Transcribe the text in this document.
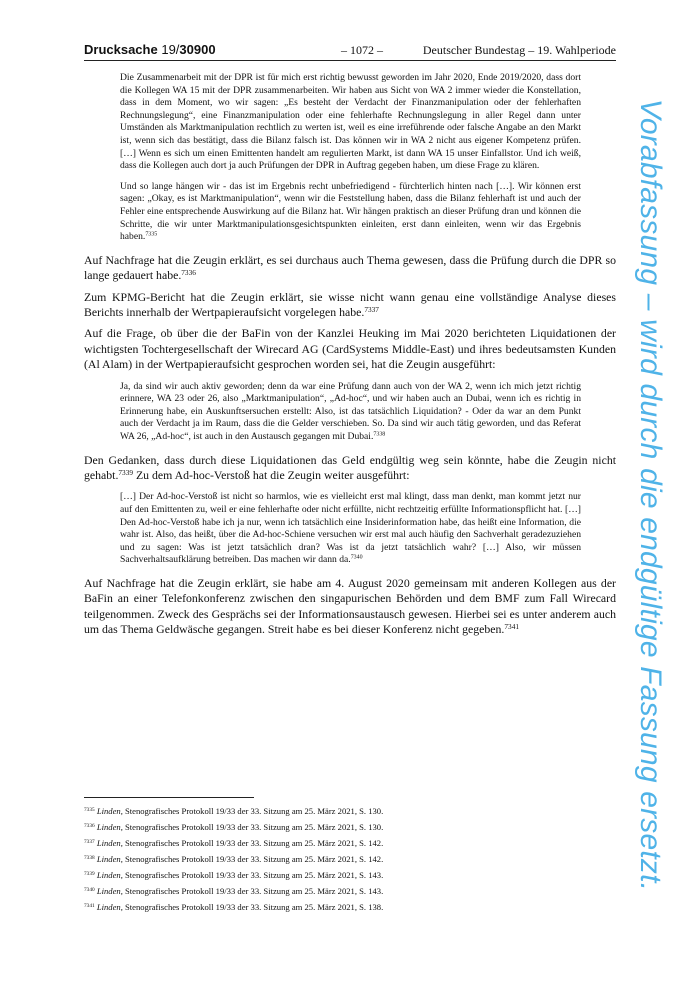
Drucksache 19/30900	– 1072 –	Deutscher Bundestag – 19. Wahlperiode

Die Zusammenarbeit mit der DPR ist für mich erst richtig bewusst geworden im Jahr 2020, Ende 2019/2020, dass dort die Kollegen WA 15 mit der DPR zusammenarbeiten. Wir haben aus Sicht von WA 2 immer wieder die Konstellation, dass in dem Moment, wo wir sagen: „Es besteht der Verdacht der Finanzmanipulation oder der fehlerhaften Rechnungslegung“, eine Finanzmanipulation oder eine fehlerhafte Rechnungslegung in aller Regel dann unter Umständen als Marktmanipulation rechtlich zu werten ist, weil es eine irreführende oder falsche Angabe an den Markt ist, wenn sich das bestätigt, dass die Bilanz falsch ist. Das können wir in WA 2 nicht aus eigener Kompetenz prüfen. […] Wenn es sich um einen Emittenten handelt am regulierten Markt, ist dann WA 15 unser Einfallstor. Und ich weiß, dass die Kollegen auch dort ja auch Prüfungen der DPR in Auftrag gegeben haben, um diese Frage zu klären.

Und so lange hängen wir - das ist im Ergebnis recht unbefriedigend - fürchterlich hinten nach […]. Wir können erst sagen: „Okay, es ist Marktmanipulation“, wenn wir die Feststellung haben, dass die Bilanz fehlerhaft ist und auch der Fehler eine entsprechende Auswirkung auf die Bilanz hat. Wir hängen praktisch an dieser Prüfung dran und können die Schritte, die wir unter Marktmanipulationsgesichtspunkten einleiten, erst dann einleiten, wenn wir das Ergebnis haben.$^{7335}$

Auf Nachfrage hat die Zeugin erklärt, es sei durchaus auch Thema gewesen, dass die Prüfung durch die DPR so lange gedauert habe.$^{7336}$

Zum KPMG-Bericht hat die Zeugin erklärt, sie wisse nicht wann genau eine vollständige Analyse dieses Berichts innerhalb der Wertpapieraufsicht vorgelegen habe.$^{7337}$

Auf die Frage, ob über die der BaFin von der Kanzlei Heuking im Mai 2020 berichteten Liquidationen der wichtigsten Tochtergesellschaft der Wirecard AG (CardSystems Middle-East) und ihres bedeutsamsten Kunden (Al Alam) in der Wertpapieraufsicht gesprochen worden sei, hat die Zeugin ausgeführt:

Ja, da sind wir auch aktiv geworden; denn da war eine Prüfung dann auch von der WA 2, wenn ich mich jetzt richtig erinnere, WA 23 oder 26, also „Marktmanipulation“, „Ad-hoc“, und wir haben auch an Dubai, wenn ich es richtig in Erinnerung habe, ein Auskunftsersuchen erstellt: Also, ist das tatsächlich Liquidation? - Oder da war an dem Punkt auch der Verdacht ja im Raum, dass die die Gelder verschieben. So. Da sind wir auch tätig geworden, und das Referat WA 26, „Ad-hoc“, ist auch in den Austausch gegangen mit Dubai.$^{7338}$

Den Gedanken, dass durch diese Liquidationen das Geld endgültig weg sein könnte, habe die Zeugin nicht gehabt.$^{7339}$ Zu dem Ad-hoc-Verstoß hat die Zeugin weiter ausgeführt:

[…] Der Ad-hoc-Verstoß ist nicht so harmlos, wie es vielleicht erst mal klingt, dass man denkt, man kommt jetzt nur auf den Emittenten zu, weil er eine fehlerhafte oder nicht erfüllte, nicht rechtzeitig erfüllte Informationspflicht hat. […] Den Ad-hoc-Verstoß habe ich ja nur, wenn ich tatsächlich eine Insiderinformation habe, das heißt eine Information, die wahr ist. Also, das heißt, über die Ad-hoc-Schiene versuchen wir erst mal auch häufig den Sachverhalt geradezuziehen und zu sagen: Was ist jetzt tatsächlich dran? Was ist da jetzt tatsächlich wahr? […] Also, wir müssen Sachverhaltsaufklärung betreiben. Das machen wir dann da.$^{7340}$

Auf Nachfrage hat die Zeugin erklärt, sie habe am 4. August 2020 gemeinsam mit anderen Kollegen aus der BaFin an einer Telefonkonferenz zwischen den singapurischen Behörden und dem BMF zum Fall Wirecard teilgenommen. Zweck des Gesprächs sei der Informationsaustausch gewesen. Hierbei sei es unter anderem auch um das Thema Geldwäsche gegangen. Streit habe es bei dieser Konferenz nicht gegeben.$^{7341}$

$^{7335}$ Linden, Stenografisches Protokoll 19/33 der 33. Sitzung am 25. März 2021, S. 130.
$^{7336}$ Linden, Stenografisches Protokoll 19/33 der 33. Sitzung am 25. März 2021, S. 130.
$^{7337}$ Linden, Stenografisches Protokoll 19/33 der 33. Sitzung am 25. März 2021, S. 142.
$^{7338}$ Linden, Stenografisches Protokoll 19/33 der 33. Sitzung am 25. März 2021, S. 142.
$^{7339}$ Linden, Stenografisches Protokoll 19/33 der 33. Sitzung am 25. März 2021, S. 143.
$^{7340}$ Linden, Stenografisches Protokoll 19/33 der 33. Sitzung am 25. März 2021, S. 143.
$^{7341}$ Linden, Stenografisches Protokoll 19/33 der 33. Sitzung am 25. März 2021, S. 138.
Vorabfassung – wird durch die endgültige Fassung ersetzt.
